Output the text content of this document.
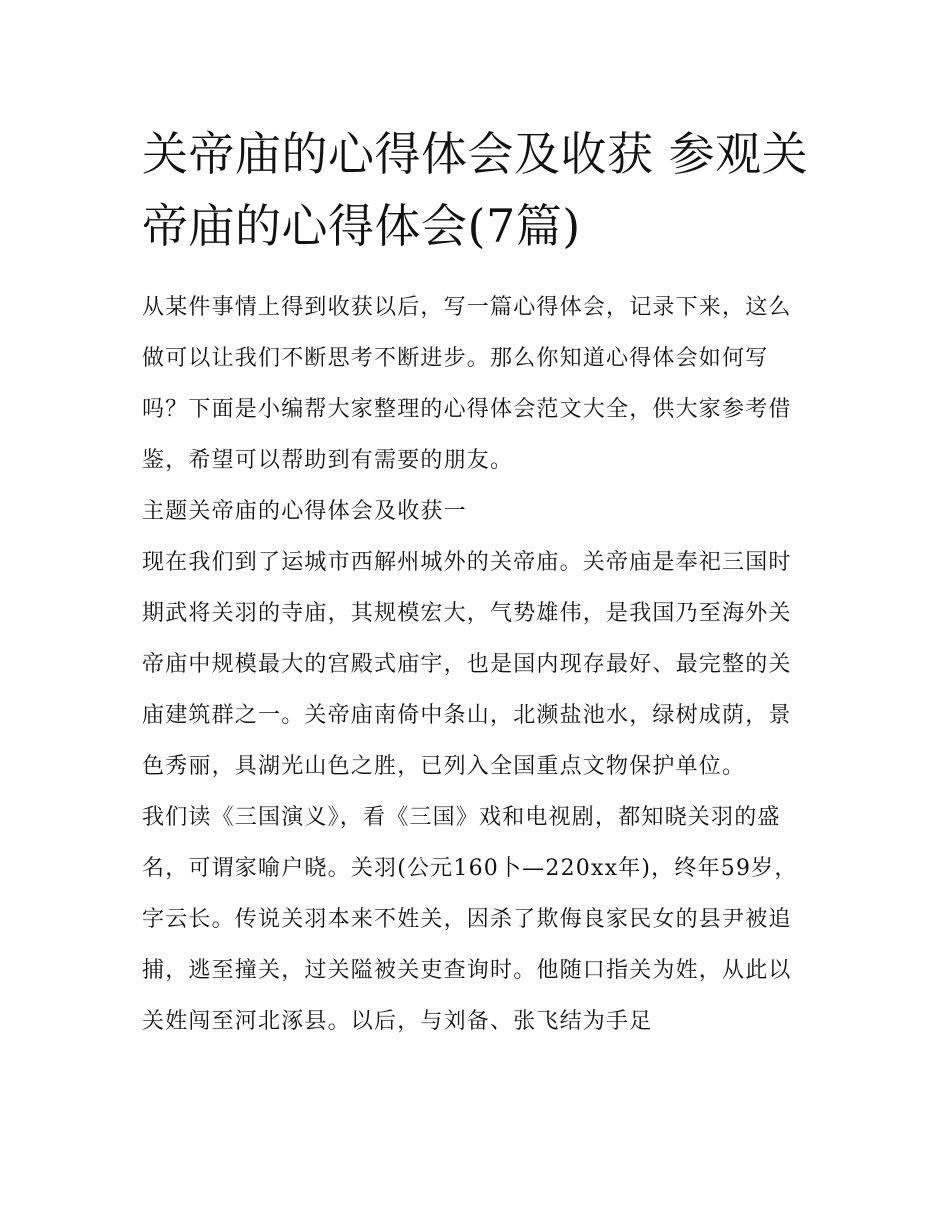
关帝庙的心得体会及收获 参观关帝庙的心得体会(7篇)

从某件事情上得到收获以后，写一篇心得体会，记录下来，这么做可以让我们不断思考不断进步。那么你知道心得体会如何写吗？下面是小编帮大家整理的心得体会范文大全，供大家参考借鉴，希望可以帮助到有需要的朋友。

主题关帝庙的心得体会及收获一

现在我们到了运城市西解州城外的关帝庙。关帝庙是奉祀三国时期武将关羽的寺庙，其规模宏大，气势雄伟，是我国乃至海外关帝庙中规模最大的宫殿式庙宇，也是国内现存最好、最完整的关庙建筑群之一。关帝庙南倚中条山，北濒盐池水，绿树成荫，景色秀丽，具湖光山色之胜，已列入全国重点文物保护单位。

我们读《三国演义》，看《三国》戏和电视剧，都知晓关羽的盛名，可谓家喻户晓。关羽(公元160卜—220xx年)，终年59岁，字云长。传说关羽本来不姓关，因杀了欺侮良家民女的县尹被追捕，逃至撞关，过关隘被关吏查询时。他随口指关为姓，从此以关姓闯至河北涿县。以后，与刘备、张飞结为手足
